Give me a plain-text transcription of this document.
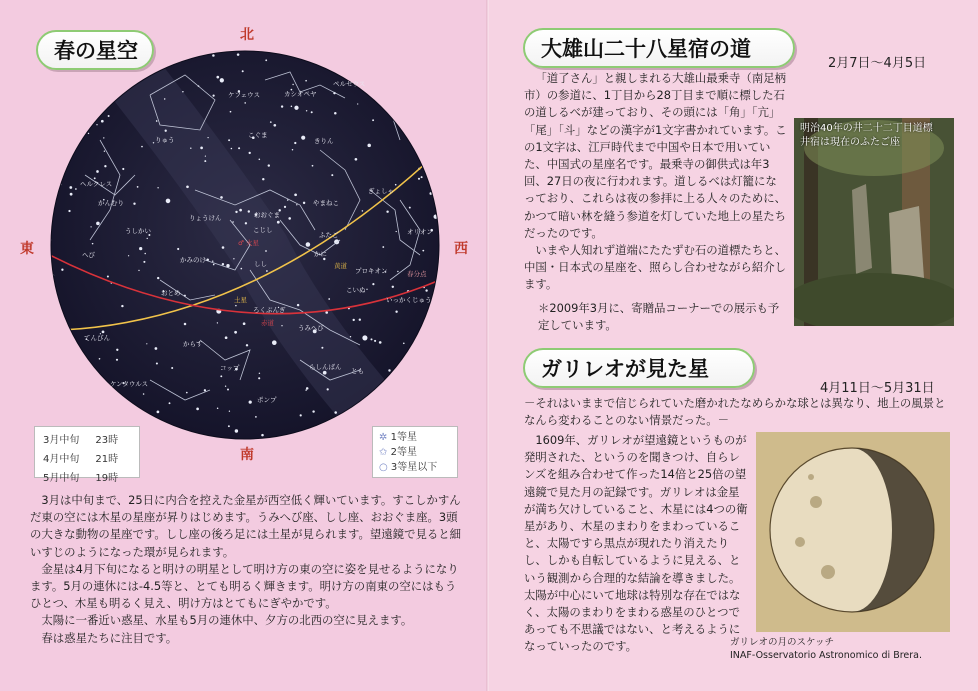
春の星空
北
南
東	西
ケフェウス	カシオペヤ
ペルセウス
りゅう
こぐま
きりん
ヘルクレス
かんむり
うしかい
りょうけん	おおぐま
やまねこ
ぎょしゃ
ふたご	オリオン
こじし
しし
かに
かみのけ
こいぬ
プロキオン
おとめ
へび
ろくぶんぎ
いっかくじゅう
うみへび
てんびん
コップ
からす
とも
らしんばん
ケンタウルス
ポンプ
黄道
赤道
春分点
土星
火星
♂
3月中旬	23時
4月中旬	21時
5月中旬	19時
✲ 1等星
✩ 2等星
○ 3等星以下

3月は中旬まで、25日に内合を控えた金星が西空低く輝いています。すこしかすんだ東の空には木星の星座が昇りはじめます。うみへび座、しし座、おおぐま座。3頭の大きな動物の星座です。しし座の後ろ足には土星が見られます。望遠鏡で見ると細いすじのようになった環が見られます。

金星は4月下旬になると明けの明星として明け方の東の空に姿を見せるようになります。5月の連休には-4.5等と、とても明るく輝きます。明け方の南東の空にはもうひとつ、木星も明るく見え、明け方はとてもにぎやかです。

太陽に一番近い惑星、水星も5月の連休中、夕方の北西の空に見えます。

春は惑星たちに注目です。

大雄山二十八星宿の道
2月7日～4月5日

「道了さん」と親しまれる大雄山最乗寺（南足柄市）の参道に、1丁目から28丁目まで順に標した石の道しるべが建っており、その頭には「角」「亢」「尾」「斗」などの漢字が1文字書かれています。この1文字は、江戸時代まで中国や日本で用いていた、中国式の星座名です。最乗寺の御供式は年3回、27日の夜に行われます。道しるべは灯籠になっており、これらは夜の参拝に上る人々のために、かつて暗い林を縫う参道を灯していた地上の星たちだったのです。

いまや人知れず道端にたたずむ石の道標たちと、中国・日本式の星座を、照らし合わせながら紹介します。

＊2009年3月に、寄贈品コーナーでの展示も予定しています。

明治40年の井二十二丁目道標
井宿は現在のふたご座
ガリレオが見た星
4月11日～5月31日

－それはいままで信じられていた磨かれたなめらかな球とは異なり、地上の風景となんら変わることのない情景だった。－

1609年、ガリレオが望遠鏡というものが発明された、というのを聞きつけ、自らレンズを組み合わせて作った14倍と25倍の望遠鏡で見た月の記録です。ガリレオは金星が満ち欠けしていること、木星には4つの衛星があり、木星のまわりをまわっていること、太陽ですら黒点が現れたり消えたりし、しかも自転しているように見える、という観測から合理的な結論を導きました。太陽が中心にいて地球は特別な存在ではなく、太陽のまわりをまわる惑星のひとつであっても不思議ではない、と考えるようになっていったのです。	ガリレオの月のスケッチ
INAF-Osservatorio Astronomico di Brera.
